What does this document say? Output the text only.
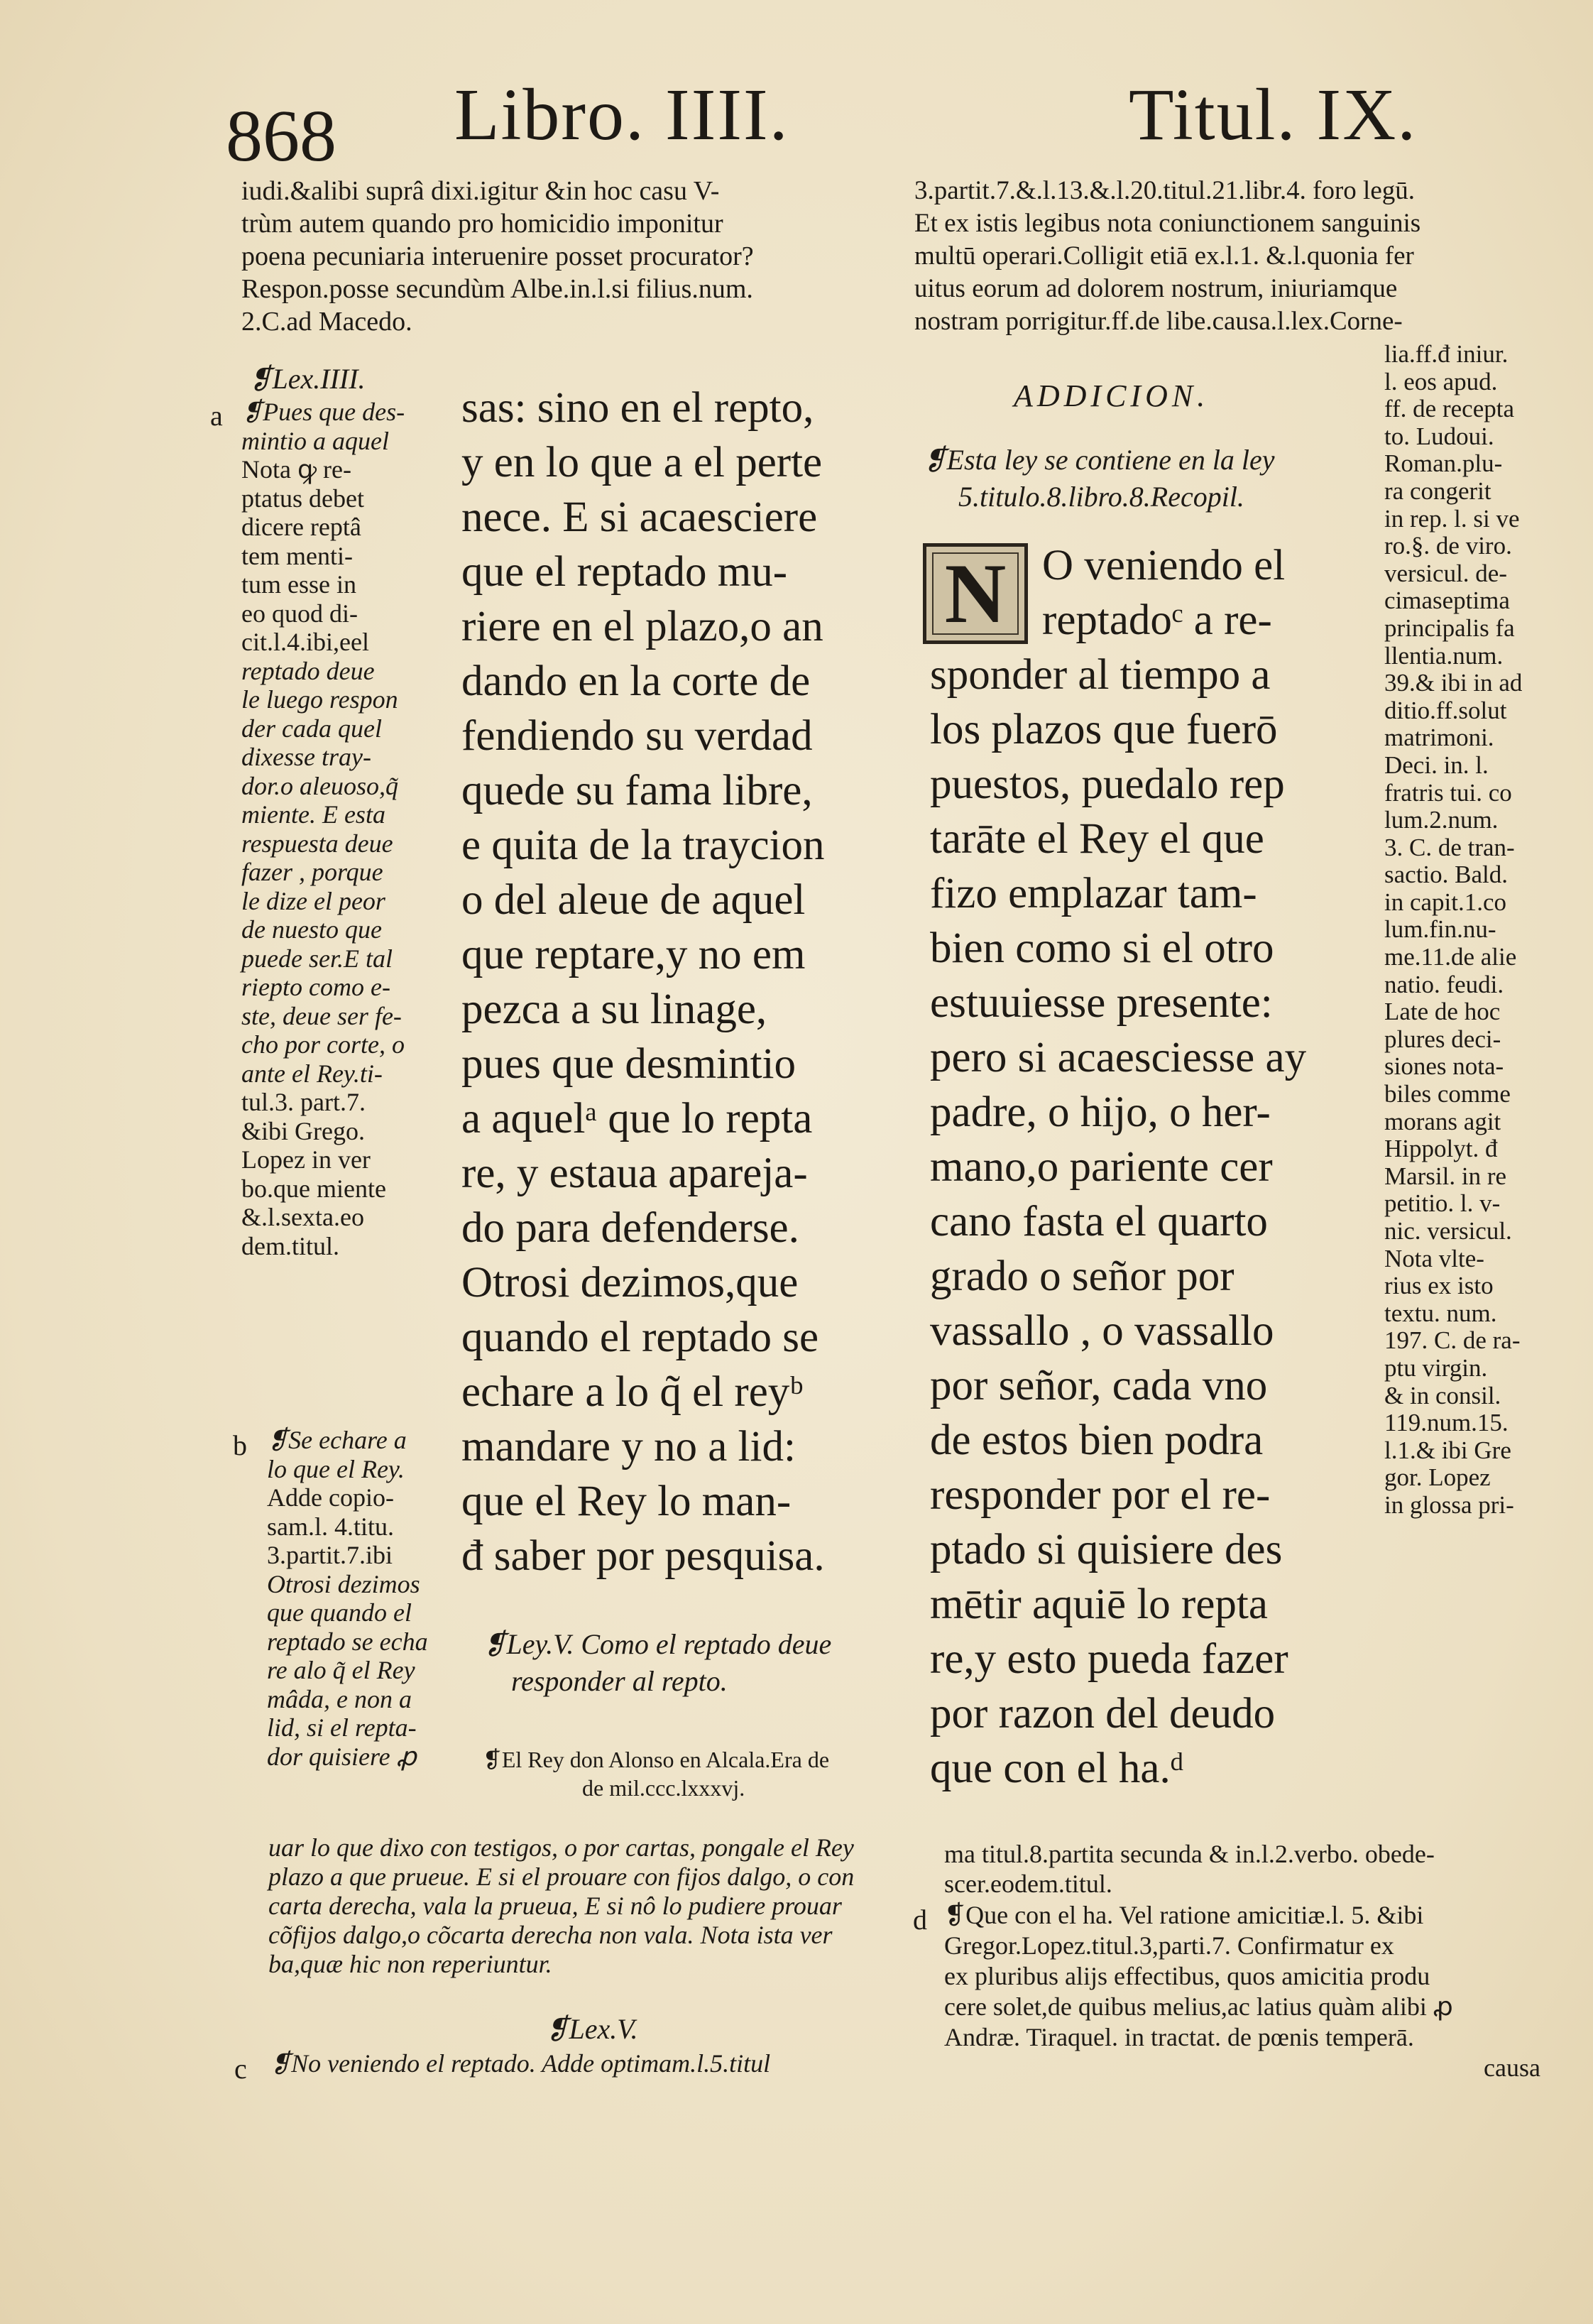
868 Libro. IIII.	Titul. IX.
iudi.&alibi suprâ dixi.igitur &in hoc casu V-
trùm autem quando pro homicidio imponitur
poena pecuniaria interuenire posset procurator?
Respon.posse secundùm Albe.in.l.si filius.num.
2.C.ad Macedo.
❡Lex.IIII.
a ❡Pues que des-
mintio a aquel
Nota ꝙ re-
ptatus debet
dicere reptâ
tem menti-
tum esse in
eo quod di-
cit.l.4.ibi,eel
reptado deue
le luego respon
der cada quel
dixesse tray-
dor.o aleuoso,q̃
miente. E esta
respuesta deue
fazer , porque
le dize el peor
de nuesto que
puede ser.E tal
riepto como e-
ste, deue ser fe-
cho por corte, o
ante el Rey.ti-
tul.3. part.7.
&ibi Grego.
Lopez in ver
bo.que miente
&.l.sexta.eo
dem.titul.
b ❡Se echare a
lo que el Rey.
Adde copio-
sam.l. 4.titu.
3.partit.7.ibi
Otrosi dezimos
que quando el
reptado se echa
re alo q̃ el Rey
mâda, e non a
lid, si el repta-
dor quisiere ꝓ
sas: sino en el repto,
y en lo que a el perte
nece. E si acaesciere
que el reptado mu-
riere en el plazo,o an
dando en la corte de
fendiendo su verdad
quede su fama libre,
e quita de la traycion
o del aleue de aquel
que reptare,y no em
pezca a su linage,
pues que desmintio
a aquelᵃ que lo repta
re, y estaua apareja-
do para defenderse.
Otrosi dezimos,que
quando el reptado se
echare a lo q̃ el reyᵇ
mandare y no a lid:
que el Rey lo man-
đ saber por pesquisa.
❡Ley.V. Como el reptado deue
responder al repto.
❡El Rey don Alonso en Alcala.Era de
de mil.ccc.lxxxvj.
uar lo que dixo con testigos, o por cartas, pongale el Rey
plazo a que prueue. E si el prouare con fijos dalgo, o con
carta derecha, vala la prueua, E si nô lo pudiere prouar
cõfijos dalgo,o cõcarta derecha non vala. Nota ista ver
ba,quæ hic non reperiuntur.
❡Lex.V.
c ❡No veniendo el reptado. Adde optimam.l.5.titul
3.partit.7.&.l.13.&.l.20.titul.21.libr.4. foro legū.
Et ex istis legibus nota coniunctionem sanguinis
multū operari.Colligit etiā ex.l.1. &.l.quonia fer
uitus eorum ad dolorem nostrum, iniuriamque
nostram porrigitur.ff.de libe.causa.l.lex.Corne-
ADDICION.
❡Esta ley se contiene en la ley
5.titulo.8.libro.8.Recopil.
N O veniendo el
reptadoᶜ a re-
sponder al tiempo a
los plazos que fuerō
puestos, puedalo rep
tarāte el Rey el que
fizo emplazar tam-
bien como si el otro
estuuiesse presente:
pero si acaesciesse ay
padre, o hijo, o her-
mano,o pariente cer
cano fasta el quarto
grado o señor por
vassallo , o vassallo
por señor, cada vno
de estos bien podra
responder por el re-
ptado si quisiere des
mētir aquiē lo repta
re,y esto pueda fazer
por razon del deudo
que con el ha.ᵈ
lia.ff.đ iniur.
l. eos apud.
ff. de recepta
to. Ludoui.
Roman.plu-
ra congerit
in rep. l. si ve
ro.§. de viro.
versicul. de-
cimaseptima
principalis fa
llentia.num.
39.& ibi in ad
ditio.ff.solut
matrimoni.
Deci. in. l.
fratris tui. co
lum.2.num.
3. C. de tran-
sactio. Bald.
in capit.1.co
lum.fin.nu-
me.11.de alie
natio. feudi.
Late de hoc
plures deci-
siones nota-
biles comme
morans agit
Hippolyt. đ
Marsil. in re
petitio. l. v-
nic. versicul.
Nota vlte-
rius ex isto
textu. num.
197. C. de ra-
ptu virgin.
& in consil.
119.num.15.
l.1.& ibi Gre
gor. Lopez
in glossa pri-
ma titul.8.partita secunda & in.l.2.verbo. obede-
scer.eodem.titul.
d ❡Que con el ha. Vel ratione amicitiæ.l. 5. &ibi
Gregor.Lopez.titul.3,parti.7. Confirmatur ex
ex pluribus alijs effectibus, quos amicitia produ
cere solet,de quibus melius,ac latius quàm alibi ꝓ
Andræ. Tiraquel. in tractat. de pœnis temperā.
causa
